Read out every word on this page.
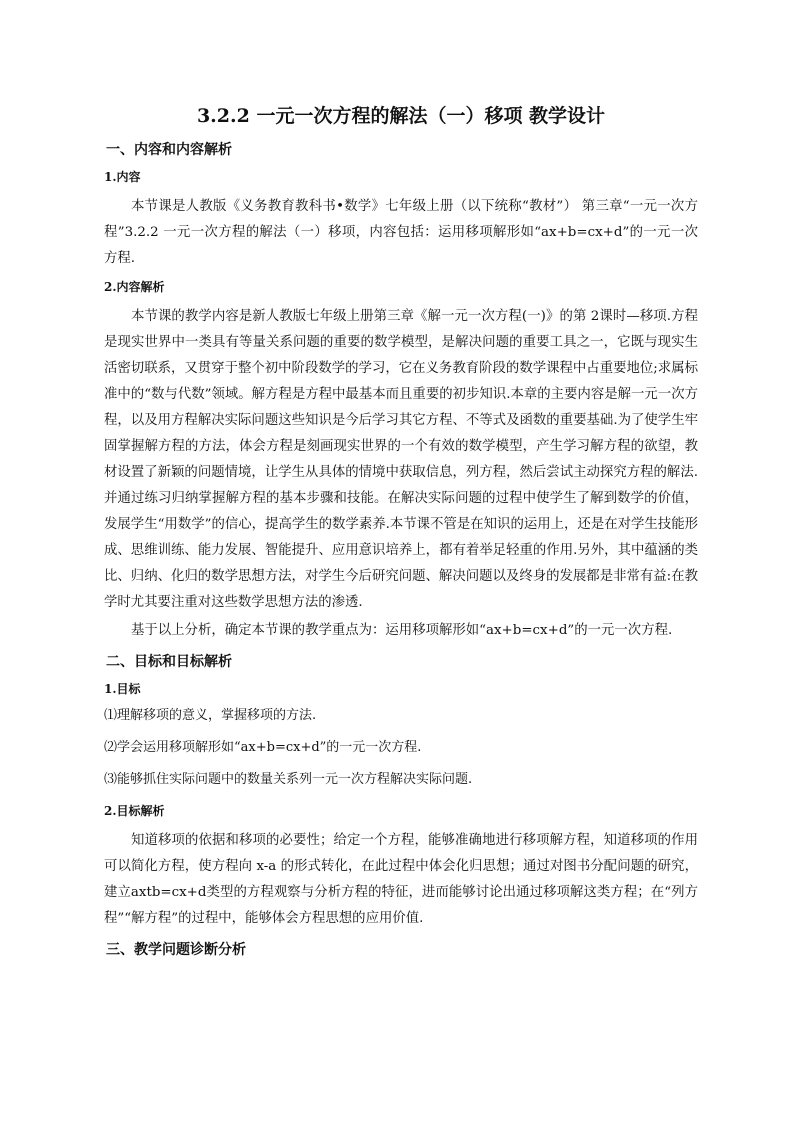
3.2.2 一元一次方程的解法（一）移项 教学设计
一、内容和内容解析
1.内容

本节课是人教版《义务教育教科书•数学》七年级上册（以下统称“教材”） 第三章“一元一次方程”3.2.2 一元一次方程的解法（一）移项，内容包括：运用移项解形如“ax+b=cx+d”的一元一次方程.

2.内容解析

本节课的教学内容是新人教版七年级上册第三章《解一元一次方程(一)》的第 2课时—移项.方程是现实世界中一类具有等量关系问题的重要的数学模型，是解决问题的重要工具之一，它既与现实生活密切联系，又贯穿于整个初中阶段数学的学习，它在义务教育阶段的数学课程中占重要地位;求属标准中的“数与代数”领域。解方程是方程中最基本而且重要的初步知识.本章的主要内容是解一元一次方程，以及用方程解决实际问题这些知识是今后学习其它方程、不等式及函数的重要基础.为了使学生牢固掌握解方程的方法，体会方程是刻画现实世界的一个有效的数学模型，产生学习解方程的欲望，教材设置了新颖的问题情境，让学生从具体的情境中获取信息，列方程，然后尝试主动探究方程的解法.并通过练习归纳掌握解方程的基本步骤和技能。在解决实际问题的过程中使学生了解到数学的价值，发展学生“用数学”的信心，提高学生的数学素养.本节课不管是在知识的运用上，还是在对学生技能形成、思维训练、能力发展、智能提升、应用意识培养上，都有着举足轻重的作用.另外，其中蕴涵的类比、归纳、化归的数学思想方法，对学生今后研究问题、解决问题以及终身的发展都是非常有益:在教学时尤其要注重对这些数学思想方法的渗透.

基于以上分析，确定本节课的教学重点为：运用移项解形如“ax+b=cx+d”的一元一次方程.

二、目标和目标解析
1.目标
⑴理解移项的意义，掌握移项的方法.
⑵学会运用移项解形如“ax+b=cx+d”的一元一次方程.
⑶能够抓住实际问题中的数量关系列一元一次方程解决实际问题.
2.目标解析

知道移项的依据和移项的必要性；给定一个方程，能够准确地进行移项解方程，知道移项的作用可以简化方程，使方程向 x-a 的形式转化，在此过程中体会化归思想；通过对图书分配问题的研究，建立axtb=cx+d类型的方程观察与分析方程的特征，进而能够讨论出通过移项解这类方程；在“列方程”“解方程”的过程中，能够体会方程思想的应用价值.

三、教学问题诊断分析
